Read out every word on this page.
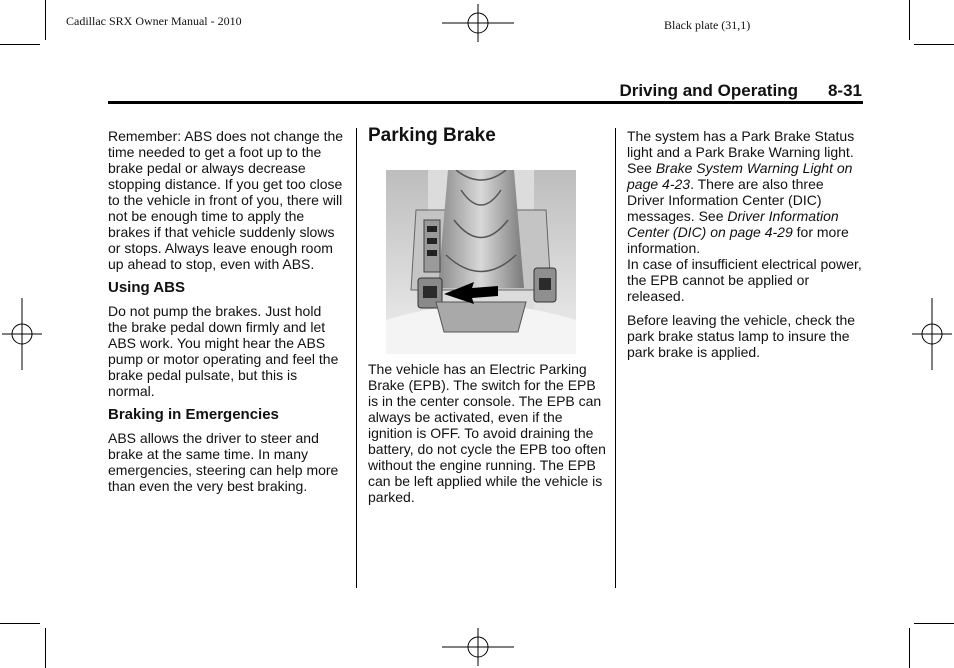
Cadillac SRX Owner Manual - 2010	Black plate (31,1)
Driving and Operating 8-31

Remember: ABS does not change the time needed to get a foot up to the brake pedal or always decrease stopping distance. If you get too close to the vehicle in front of you, there will not be enough time to apply the brakes if that vehicle suddenly slows or stops. Always leave enough room up ahead to stop, even with ABS.

Using ABS

Do not pump the brakes. Just hold the brake pedal down firmly and let ABS work. You might hear the ABS pump or motor operating and feel the brake pedal pulsate, but this is normal.

Braking in Emergencies

ABS allows the driver to steer and brake at the same time. In many emergencies, steering can help more than even the very best braking.

Parking Brake

The vehicle has an Electric Parking Brake (EPB). The switch for the EPB is in the center console. The EPB can always be activated, even if the ignition is OFF. To avoid draining the battery, do not cycle the EPB too often without the engine running. The EPB can be left applied while the vehicle is parked.

The system has a Park Brake Status light and a Park Brake Warning light. See Brake System Warning Light on page 4-23. There are also three Driver Information Center (DIC) messages. See Driver Information Center (DIC) on page 4-29 for more information.

In case of insufficient electrical power, the EPB cannot be applied or released.

Before leaving the vehicle, check the park brake status lamp to insure the park brake is applied.
